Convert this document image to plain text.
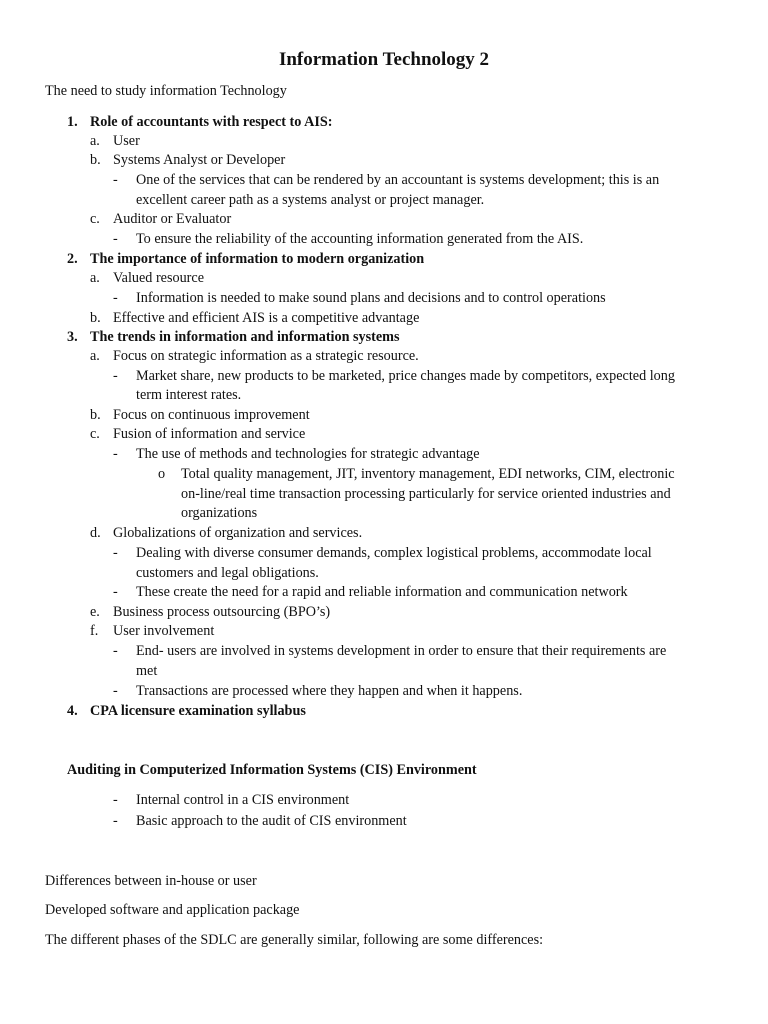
Information Technology 2
The need to study information Technology
1. Role of accountants with respect to AIS:
a. User
b. Systems Analyst or Developer
- One of the services that can be rendered by an accountant is systems development; this is an
excellent career path as a systems analyst or project manager.
c. Auditor or Evaluator
- To ensure the reliability of the accounting information generated from the AIS.
2. The importance of information to modern organization
a. Valued resource
- Information is needed to make sound plans and decisions and to control operations
b. Effective and efficient AIS is a competitive advantage
3. The trends in information and information systems
a. Focus on strategic information as a strategic resource.
- Market share, new products to be marketed, price changes made by competitors, expected long
term interest rates.
b. Focus on continuous improvement
c. Fusion of information and service
- The use of methods and technologies for strategic advantage
o Total quality management, JIT, inventory management, EDI networks, CIM, electronic
on-line/real time transaction processing particularly for service oriented industries and
organizations
d. Globalizations of organization and services.
- Dealing with diverse consumer demands, complex logistical problems, accommodate local
customers and legal obligations.
- These create the need for a rapid and reliable information and communication network
e. Business process outsourcing (BPO’s)
f. User involvement
- End- users are involved in systems development in order to ensure that their requirements are
met
- Transactions are processed where they happen and when it happens.
4. CPA licensure examination syllabus
Auditing in Computerized Information Systems (CIS) Environment
- Internal control in a CIS environment
- Basic approach to the audit of CIS environment
Differences between in-house or user
Developed software and application package
The different phases of the SDLC are generally similar, following are some differences:
